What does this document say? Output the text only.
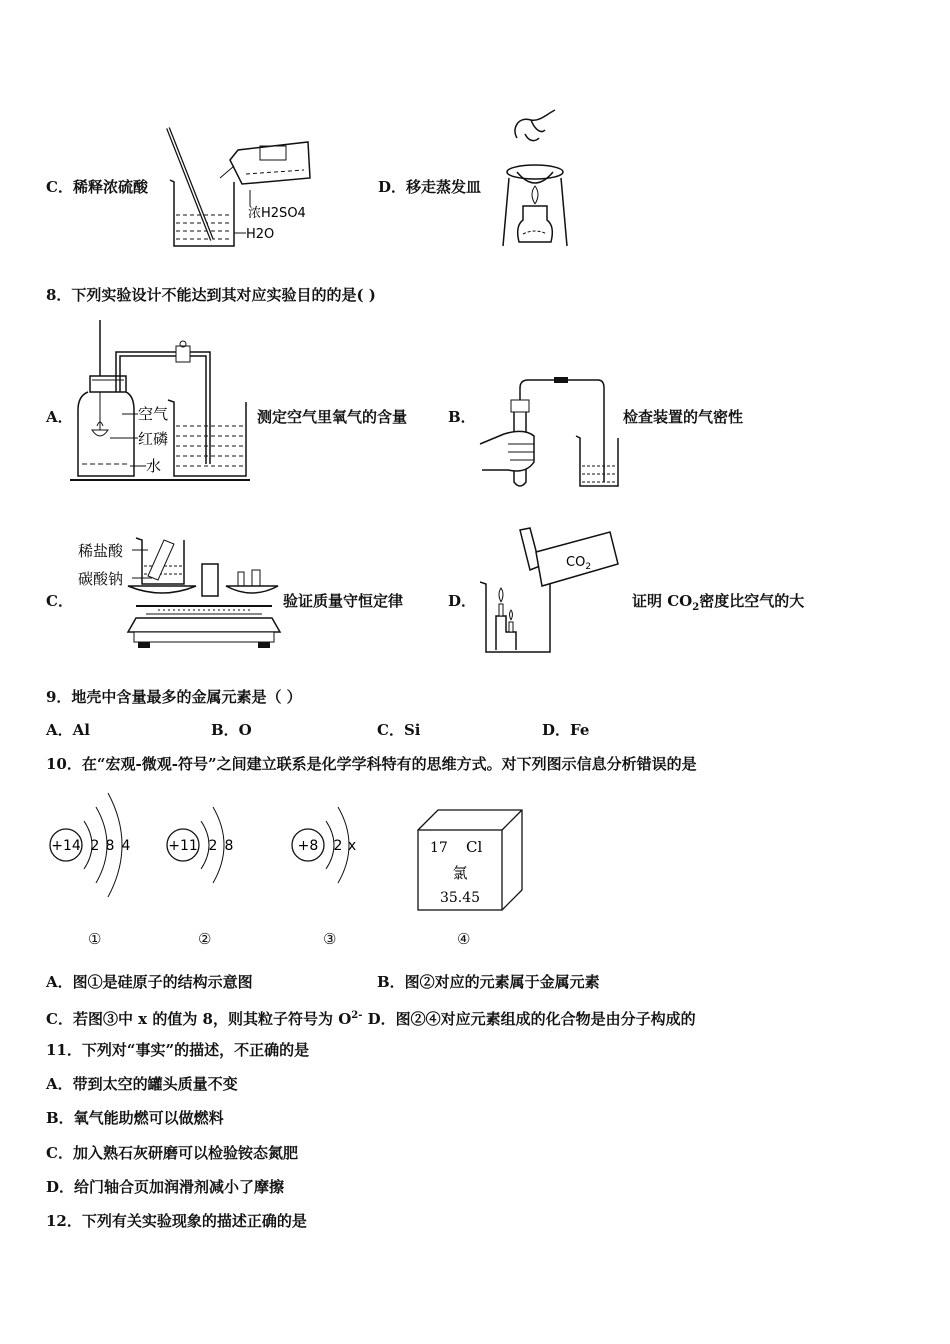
C．稀释浓硫酸
浓H2SO4
H2O
D．移走蒸发皿
8．下列实验设计不能达到其对应实验目的的是( )
A．	空气
红磷
水
测定空气里氧气的含量	B．	检查装置的气密性
C．
稀盐酸
碳酸钠
验证质量守恒定律	D．
$CO_2$
证明 $CO_2$密度比空气的大
9．地壳中含量最多的金属元素是（ ）
A．Al	B．O	C．Si	D．Fe
10．在“宏观-微观-符号”之间建立联系是化学学科特有的思维方式。对下列图示信息分析错误的是
+14 2 8 4	+11 2 8	+8 2 x	17 Cl
氯
35.45
①	②	③	④
A．图①是硅原子的结构示意图	B．图②对应的元素属于金属元素
C．若图③中 x 的值为 8，则其粒子符号为 $O^{2-}$ D．图②④对应元素组成的化合物是由分子构成的
11．下列对“事实”的描述，不正确的是
A．带到太空的罐头质量不变
B．氧气能助燃可以做燃料
C．加入熟石灰研磨可以检验铵态氮肥
D．给门轴合页加润滑剂减小了摩擦
12．下列有关实验现象的描述正确的是
